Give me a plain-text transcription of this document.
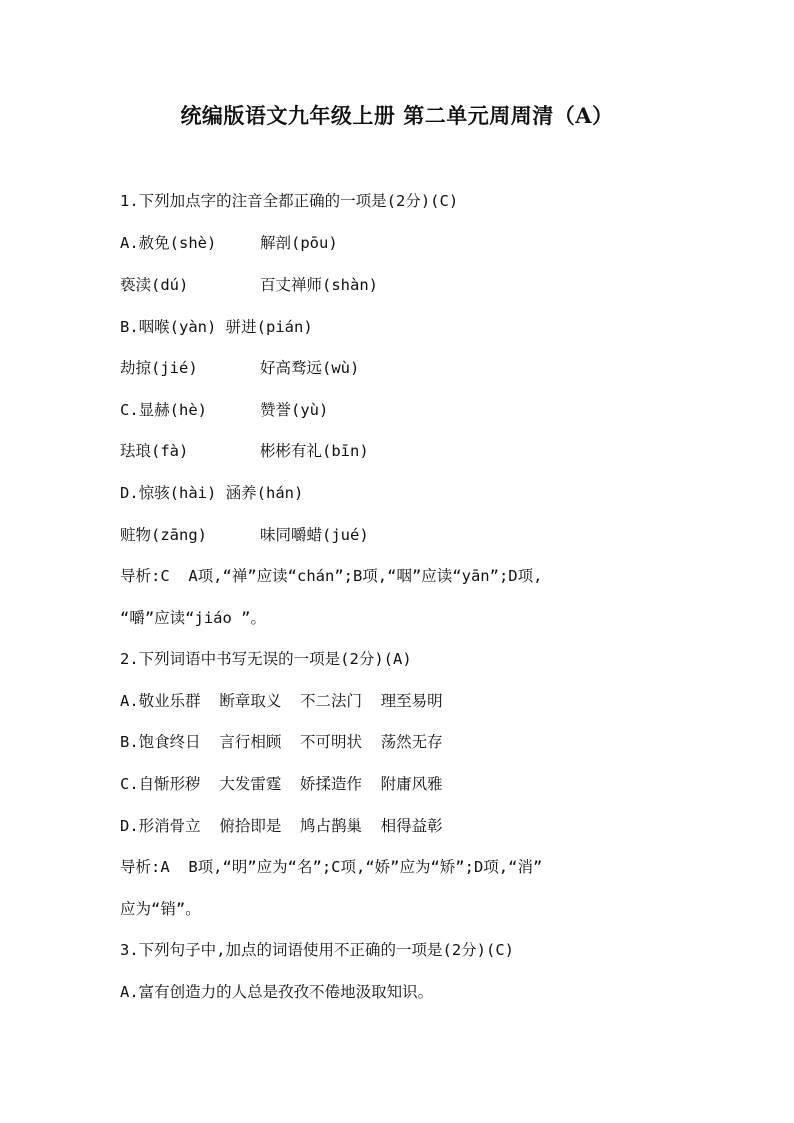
统编版语文九年级上册 第二单元周周清（A）
1.下列加点字的注音全都正确的一项是(2分)(C)
A.赦免(shè)	解剖(pōu)
亵渎(dú)	百丈禅师(shàn)
B.咽喉(yàn) 骈进(pián)
劫掠(jié)	好高骛远(wù)
C.显赫(hè)	赞誉(yù)
珐琅(fà)	彬彬有礼(bīn)
D.惊骇(hài) 涵养(hán)
赃物(zāng)	味同嚼蜡(jué)
导析:C  A项,“禅”应读“chán”;B项,“咽”应读“yān”;D项,
“嚼”应读“jiáo ”。
2.下列词语中书写无误的一项是(2分)(A)
A.敬业乐群  断章取义  不二法门  理至易明
B.饱食终日  言行相顾  不可明状  荡然无存
C.自惭形秽  大发雷霆  娇揉造作  附庸风雅
D.形消骨立  俯拾即是  鸠占鹊巢  相得益彰
导析:A  B项,“明”应为“名”;C项,“娇”应为“矫”;D项,“消”
应为“销”。
3.下列句子中,加点的词语使用不正确的一项是(2分)(C)
A.富有创造力的人总是孜孜不倦地汲取知识。
